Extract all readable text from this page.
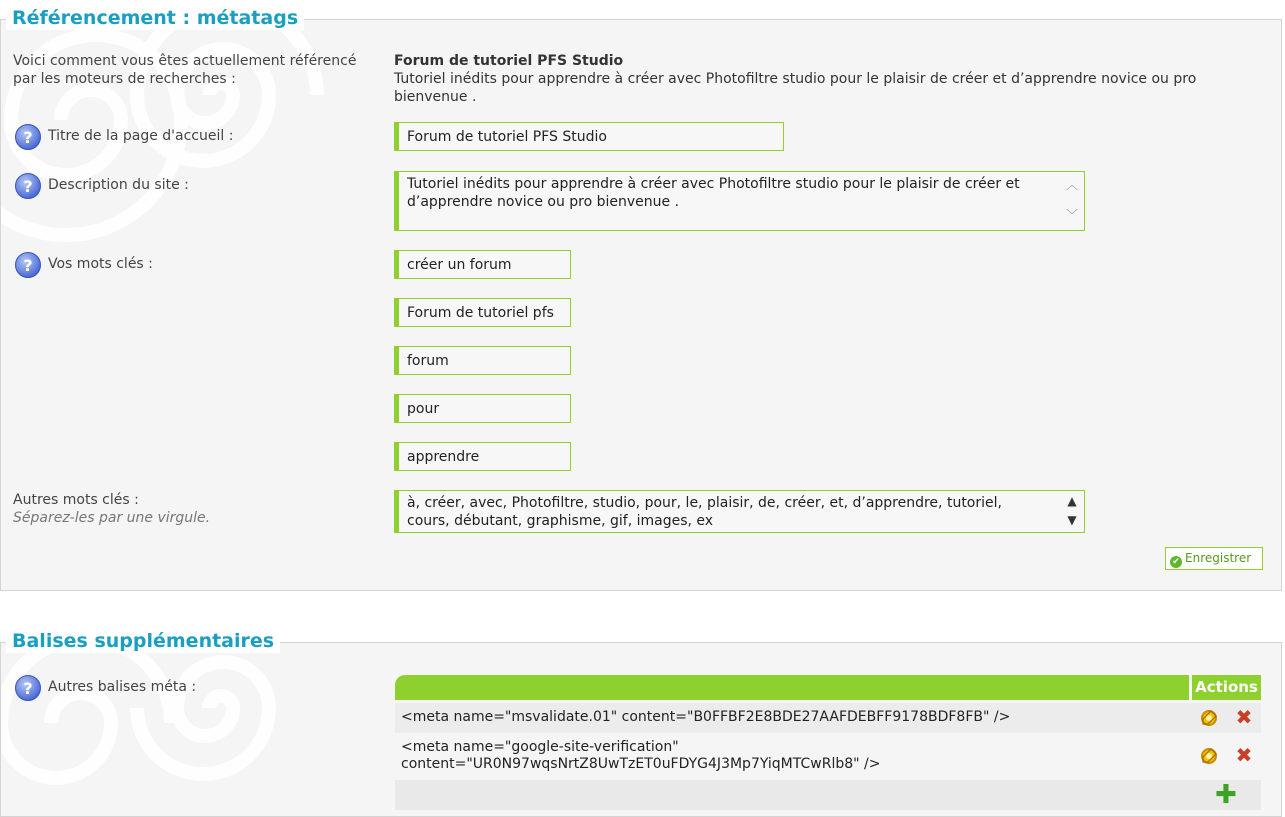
Référencement : métatags
Voici comment vous êtes actuellement référencé
par les moteurs de recherches :
Forum de tutoriel PFS Studio
Tutoriel inédits pour apprendre à créer avec Photofiltre studio pour le plaisir de créer et d’apprendre novice ou pro
bienvenue .
? Titre de la page d'accueil :	Forum de tutoriel PFS Studio
? Description du site :	Tutoriel inédits pour apprendre à créer avec Photofiltre studio pour le plaisir de créer et
d’apprendre novice ou pro bienvenue .
︿
﹀
? Vos mots clés :	créer un forum
Forum de tutoriel pfs
forum
pour
apprendre
Autres mots clés :
Séparez-les par une virgule.
à, créer, avec, Photofiltre, studio, pour, le, plaisir, de, créer, et, d’apprendre, tutoriel,
cours, débutant, graphisme, gif, images, ex
▲
▼
✔ Enregistrer
Balises supplémentaires
? Autres balises méta :	Actions
<meta name="msvalidate.01" content="B0FFBF2E8BDE27AAFDEBFF9178BDF8FB" />	✖
<meta name="google-site-verification"
content="UR0N97wqsNrtZ8UwTzET0uFDYG4J3Mp7YiqMTCwRlb8" />	✖
✚
